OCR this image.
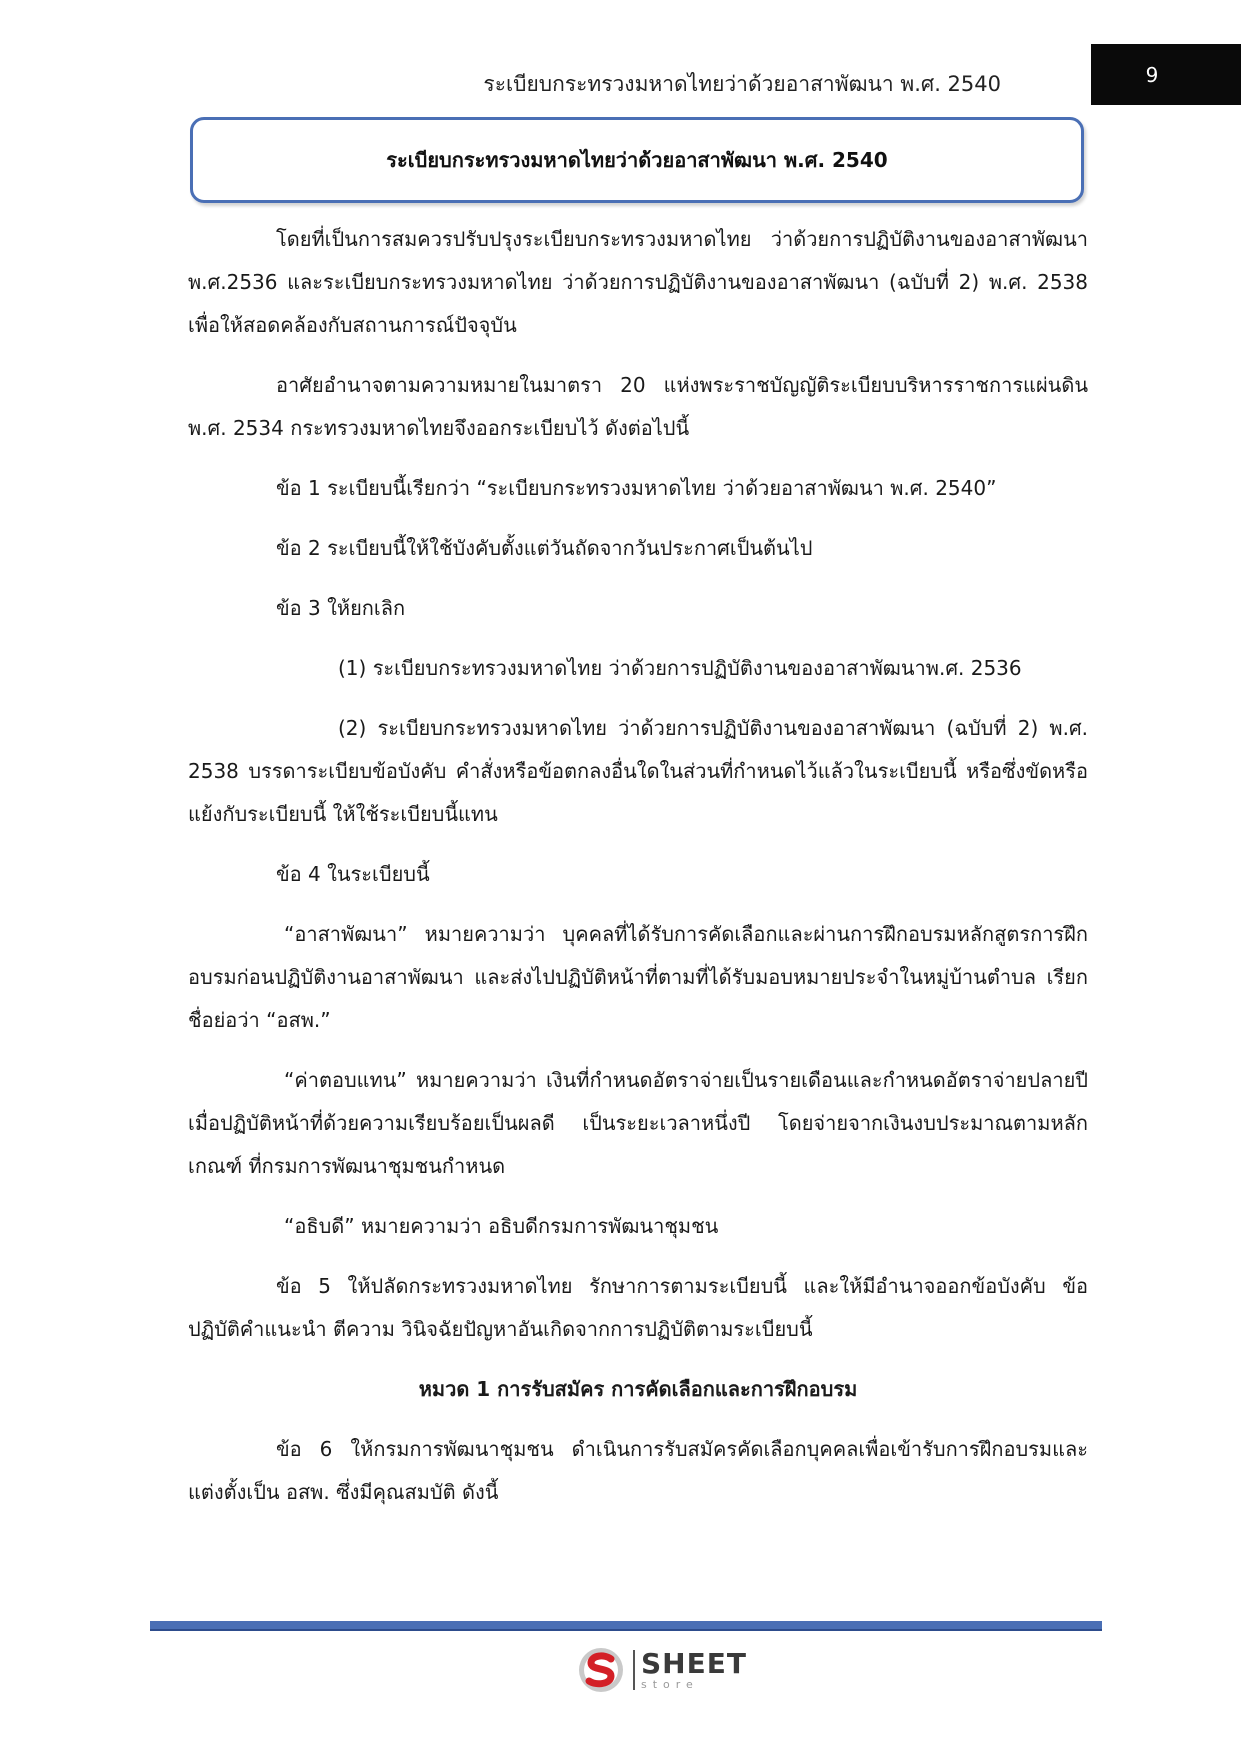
ระเบียบกระทรวงมหาดไทยว่าด้วยอาสาพัฒนา พ.ศ. 2540	9
ระเบียบกระทรวงมหาดไทยว่าด้วยอาสาพัฒนา พ.ศ. 2540

โดยที่เป็นการสมควรปรับปรุงระเบียบกระทรวงมหาดไทย ว่าด้วยการปฏิบัติงานของอาสาพัฒนา พ.ศ.2536 และระเบียบกระทรวงมหาดไทย ว่าด้วยการปฏิบัติงานของอาสาพัฒนา (ฉบับที่ 2) พ.ศ. 2538 เพื่อให้สอดคล้องกับสถานการณ์ปัจจุบัน

อาศัยอำนาจตามความหมายในมาตรา 20 แห่งพระราชบัญญัติระเบียบบริหารราชการแผ่นดิน พ.ศ. 2534 กระทรวงมหาดไทยจึงออกระเบียบไว้ ดังต่อไปนี้

ข้อ 1 ระเบียบนี้เรียกว่า “ระเบียบกระทรวงมหาดไทย ว่าด้วยอาสาพัฒนา พ.ศ. 2540”

ข้อ 2 ระเบียบนี้ให้ใช้บังคับตั้งแต่วันถัดจากวันประกาศเป็นต้นไป

ข้อ 3 ให้ยกเลิก

(1) ระเบียบกระทรวงมหาดไทย ว่าด้วยการปฏิบัติงานของอาสาพัฒนาพ.ศ. 2536

(2) ระเบียบกระทรวงมหาดไทย ว่าด้วยการปฏิบัติงานของอาสาพัฒนา (ฉบับที่ 2) พ.ศ. 2538 บรรดาระเบียบข้อบังคับ คำสั่งหรือข้อตกลงอื่นใดในส่วนที่กำหนดไว้แล้วในระเบียบนี้ หรือซึ่งขัดหรือแย้งกับระเบียบนี้ ให้ใช้ระเบียบนี้แทน

ข้อ 4 ในระเบียบนี้

“อาสาพัฒนา” หมายความว่า บุคคลที่ได้รับการคัดเลือกและผ่านการฝึกอบรมหลักสูตรการฝึกอบรมก่อนปฏิบัติงานอาสาพัฒนา และส่งไปปฏิบัติหน้าที่ตามที่ได้รับมอบหมายประจำในหมู่บ้านตำบล เรียกชื่อย่อว่า “อสพ.”

“ค่าตอบแทน” หมายความว่า เงินที่กำหนดอัตราจ่ายเป็นรายเดือนและกำหนดอัตราจ่ายปลายปีเมื่อปฏิบัติหน้าที่ด้วยความเรียบร้อยเป็นผลดี เป็นระยะเวลาหนึ่งปี โดยจ่ายจากเงินงบประมาณตามหลักเกณฑ์ ที่กรมการพัฒนาชุมชนกำหนด

“อธิบดี” หมายความว่า อธิบดีกรมการพัฒนาชุมชน

ข้อ 5 ให้ปลัดกระทรวงมหาดไทย รักษาการตามระเบียบนี้ และให้มีอำนาจออกข้อบังคับ ข้อปฏิบัติคำแนะนำ ตีความ วินิจฉัยปัญหาอันเกิดจากการปฏิบัติตามระเบียบนี้

หมวด 1 การรับสมัคร การคัดเลือกและการฝึกอบรม

ข้อ 6 ให้กรมการพัฒนาชุมชน ดำเนินการรับสมัครคัดเลือกบุคคลเพื่อเข้ารับการฝึกอบรมและแต่งตั้งเป็น อสพ. ซึ่งมีคุณสมบัติ ดังนี้

SHEET
store
